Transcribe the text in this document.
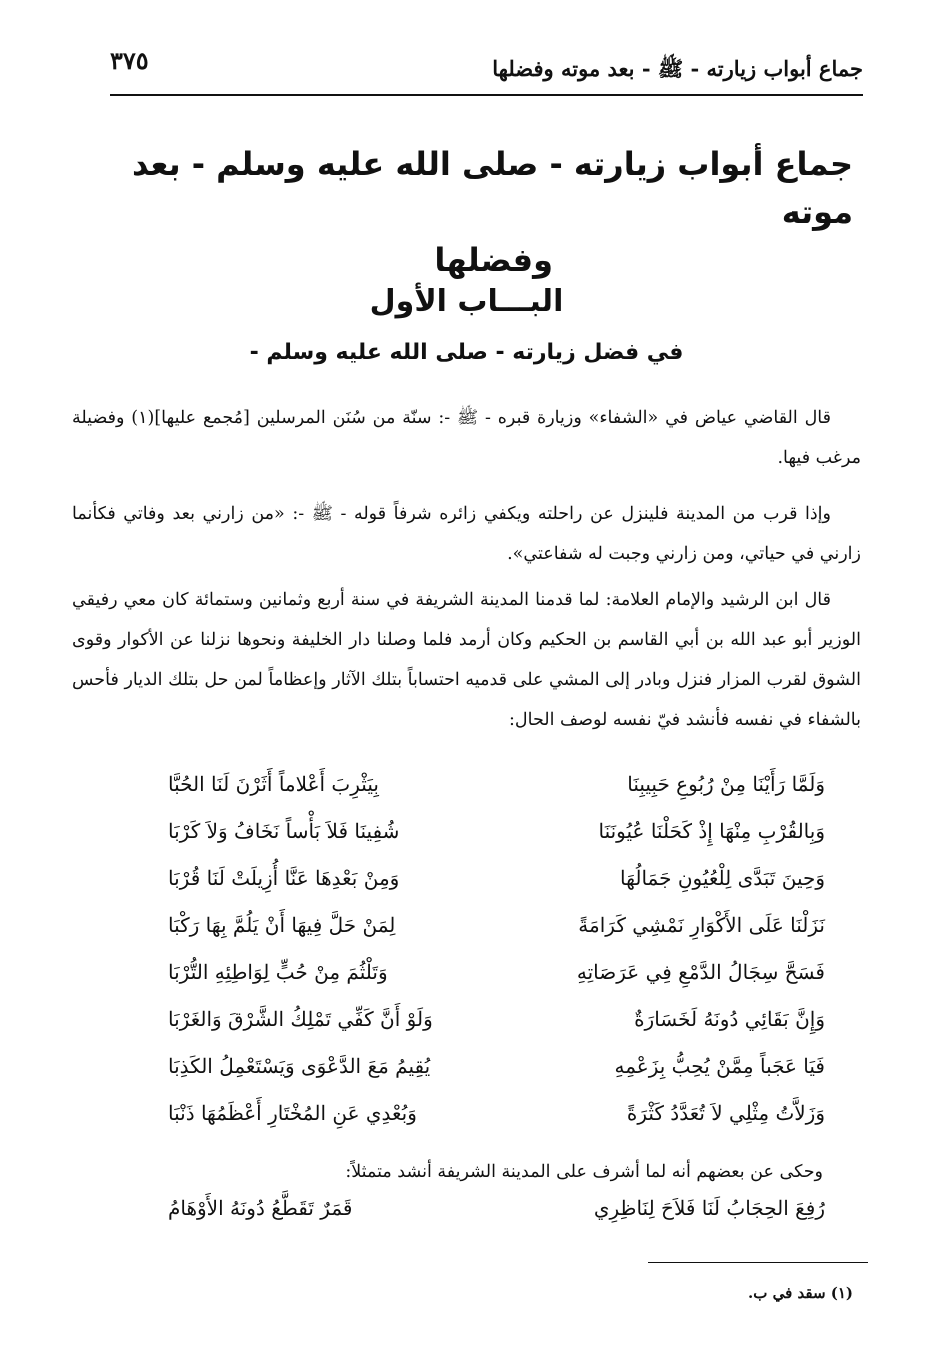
جماع أبواب زيارته - ﷺ - بعد موته وفضلها
٣٧٥
جماع أبواب زيارته - صلى الله عليه وسلم - بعد موته
وفضلها
البـــاب الأول
في فضل زيارته - صلى الله عليه وسلم -

قال القاضي عياض في «الشفاء» وزيارة قبره - ﷺ -: سنّة من سُنَن المرسلين [مُجمع عليها](١) وفضيلة مرغب فيها.

وإذا قرب من المدينة فلينزل عن راحلته ويكفي زائره شرفاً قوله - ﷺ -: «من زارني بعد وفاتي فكأنما زارني في حياتي، ومن زارني وجبت له شفاعتي».

قال ابن الرشيد والإمام العلامة: لما قدمنا المدينة الشريفة في سنة أربع وثمانين وستمائة كان معي رفيقي الوزير أبو عبد الله بن أبي القاسم بن الحكيم وكان أرمد فلما وصلنا دار الخليفة ونحوها نزلنا عن الأكوار وقوى الشوق لقرب المزار فنزل وبادر إلى المشي على قدميه احتساباً بتلك الآثار وإعظاماً لمن حل بتلك الديار فأحس بالشفاء في نفسه فأنشد فيّ نفسه لوصف الحال:

وَلَمَّا رَأَيْنَا مِنْ رُبُوعِ حَبِيبِنَا
بِيَثْرِبَ أَعْلاماً أَثَرْنَ لَنَا الحُبَّا
وَبِالقُرْبِ مِنْهَا إِذْ كَحَلْنَا عُيُونَنَا
شُفِينَا فَلاَ بَأْساً نَخَافُ وَلاَ كَرْبَا
وَحِينَ تَبَدَّى لِلْعُيُونِ جَمَالُهَا
وَمِنْ بَعْدِهَا عَنَّا أُزِيلَتْ لَنَا قُرْبَا
نَزَلْنَا عَلَى الأَكْوَارِ نَمْشِي كَرَامَةً
لِمَنْ حَلَّ فِيهَا أَنْ يَلُمَّ بِهَا رَكْبَا
فَسَحَّ سِجَالُ الدَّمْعِ فِي عَرَصَاتِهِ
وَتَلْثُمَ مِنْ حُبٍّ لِوَاطِئِهِ التُّرْبَا
وَإِنَّ بَقَائِي دُونَهُ لَخَسَارَةٌ
وَلَوْ أَنَّ كَفِّي تَمْلِكُ الشَّرْقَ وَالغَرْبَا
فَيَا عَجَباً مِمَّنْ يُحِبُّ بِزَعْمِهِ
يُقِيمُ مَعَ الدَّعْوَى وَيَسْتَعْمِلُ الكَذِبَا
وَزَلاَّتُ مِثْلِي لاَ تُعَدَّدُ كَثْرَةً
وَبُعْدِي عَنِ المُخْتَارِ أَعْظَمُهَا ذَنْبَا
وحكى عن بعضهم أنه لما أشرف على المدينة الشريفة أنشد متمثلاً:
رُفِعَ الحِجَابُ لَنَا فَلاَحَ لِنَاظِرِي
قَمَرٌ تَقَطَّعُ دُونَهُ الأَوْهَامُ
(١) سقد في ب.
